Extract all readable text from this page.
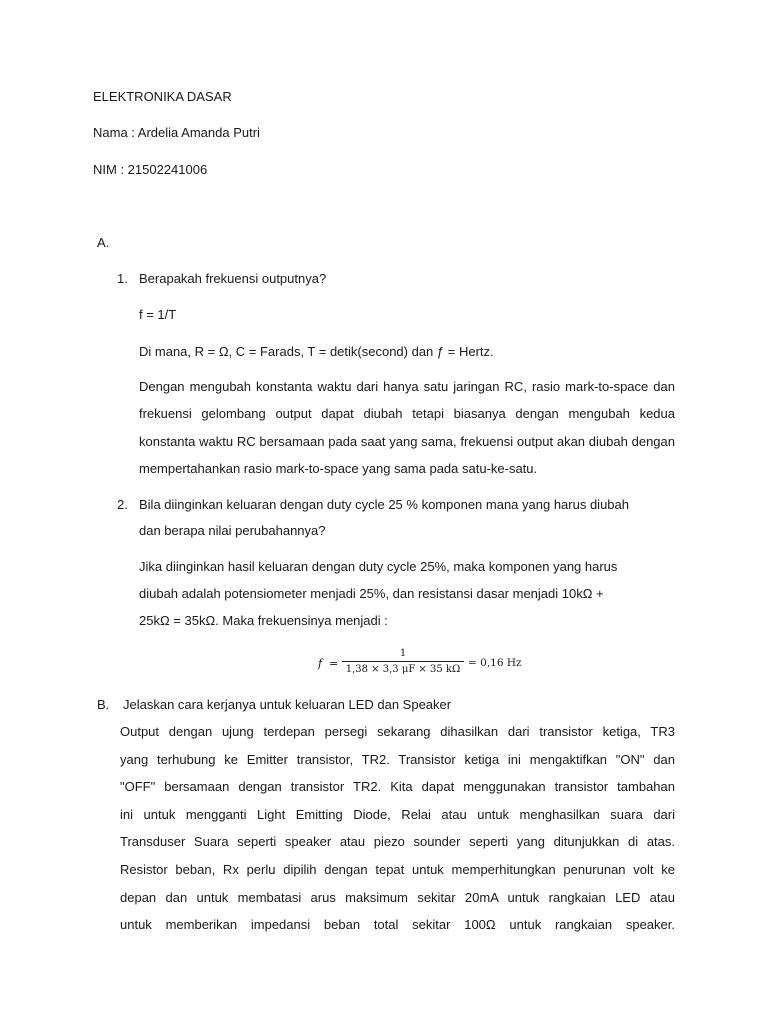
ELEKTRONIKA DASAR
Nama : Ardelia Amanda Putri
NIM : 21502241006
A.
1. Berapakah frekuensi outputnya?
f = 1/T
Di mana, R = Ω, C = Farads, T = detik(second) dan ƒ = Hertz.
Dengan mengubah konstanta waktu dari hanya satu jaringan RC, rasio mark-to-space dan frekuensi gelombang output dapat diubah tetapi biasanya dengan mengubah kedua konstanta waktu RC bersamaan pada saat yang sama, frekuensi output akan diubah dengan mempertahankan rasio mark-to-space yang sama pada satu-ke-satu.
2. Bila diinginkan keluaran dengan duty cycle 25 % komponen mana yang harus diubah
dan berapa nilai perubahannya?
Jika diinginkan hasil keluaran dengan duty cycle 25%, maka komponen yang harus
diubah adalah potensiometer menjadi 25%, dan resistansi dasar menjadi 10kΩ +
25kΩ = 35kΩ. Maka frekuensinya menjadi :
f =
1
1,38 × 3,3 μF × 35 kΩ
= 0,16 Hz
B. Jelaskan cara kerjanya untuk keluaran LED dan Speaker
Output dengan ujung terdepan persegi sekarang dihasilkan dari transistor ketiga, TR3
yang terhubung ke Emitter transistor, TR2. Transistor ketiga ini mengaktifkan "ON" dan
"OFF" bersamaan dengan transistor TR2. Kita dapat menggunakan transistor tambahan
ini untuk mengganti Light Emitting Diode, Relai atau untuk menghasilkan suara dari
Transduser Suara seperti speaker atau piezo sounder seperti yang ditunjukkan di atas.
Resistor beban, Rx perlu dipilih dengan tepat untuk memperhitungkan penurunan volt ke
depan dan untuk membatasi arus maksimum sekitar 20mA untuk rangkaian LED atau
untuk memberikan impedansi beban total sekitar 100Ω untuk rangkaian speaker.
